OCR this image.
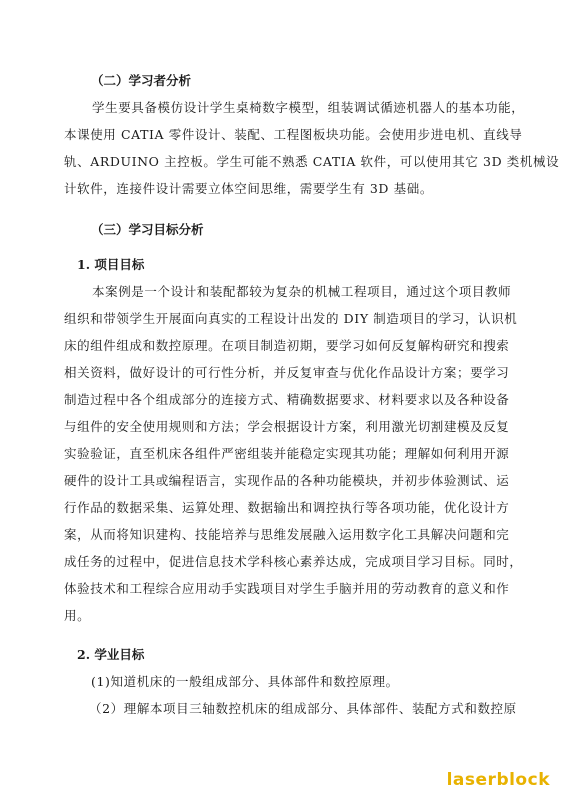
（二）学习者分析
学生要具备模仿设计学生桌椅数字模型，组装调试循迹机器人的基本功能，
本课使用 CATIA 零件设计、装配、工程图板块功能。会使用步进电机、直线导
轨、ARDUINO 主控板。学生可能不熟悉 CATIA 软件，可以使用其它 3D 类机械设
计软件，连接件设计需要立体空间思维，需要学生有 3D 基础。
（三）学习目标分析
1. 项目目标
本案例是一个设计和装配都较为复杂的机械工程项目，通过这个项目教师
组织和带领学生开展面向真实的工程设计出发的 DIY 制造项目的学习，认识机
床的组件组成和数控原理。在项目制造初期，要学习如何反复解构研究和搜索
相关资料，做好设计的可行性分析，并反复审查与优化作品设计方案；要学习
制造过程中各个组成部分的连接方式、精确数据要求、材料要求以及各种设备
与组件的安全使用规则和方法；学会根据设计方案，利用激光切割建模及反复
实验验证，直至机床各组件严密组装并能稳定实现其功能；理解如何利用开源
硬件的设计工具或编程语言，实现作品的各种功能模块，并初步体验测试、运
行作品的数据采集、运算处理、数据输出和调控执行等各项功能，优化设计方
案，从而将知识建构、技能培养与思维发展融入运用数字化工具解决问题和完
成任务的过程中，促进信息技术学科核心素养达成，完成项目学习目标。同时，
体验技术和工程综合应用动手实践项目对学生手脑并用的劳动教育的意义和作
用。
2. 学业目标
(1)知道机床的一般组成部分、具体部件和数控原理。
（2）理解本项目三轴数控机床的组成部分、具体部件、装配方式和数控原
laserblock
